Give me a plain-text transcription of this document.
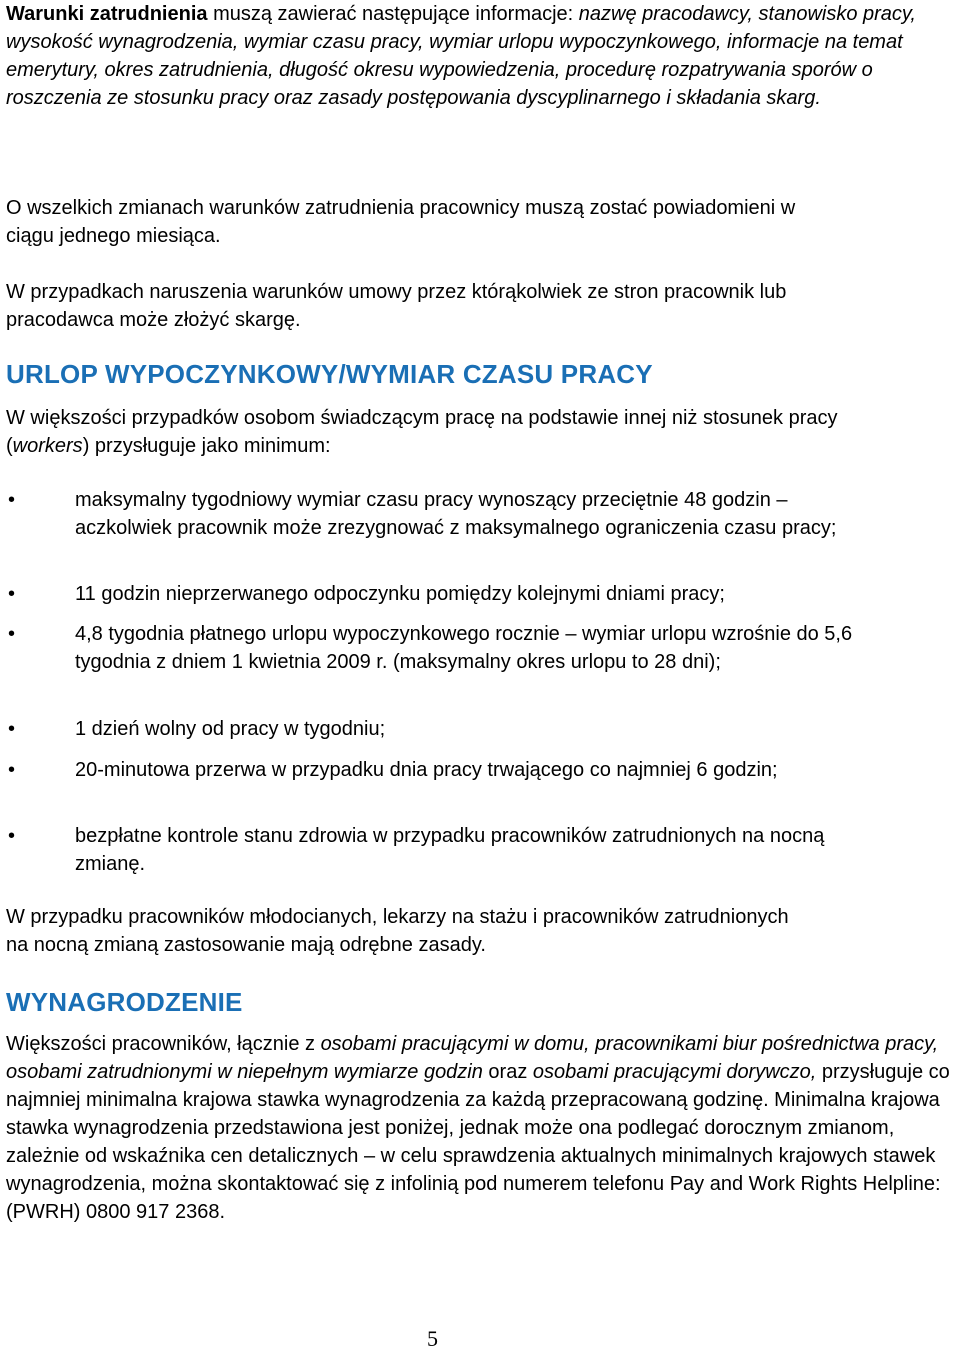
Warunki zatrudnienia muszą zawierać następujące informacje: nazwę pracodawcy, stanowisko pracy, wysokość wynagrodzenia, wymiar czasu pracy, wymiar urlopu wypoczynkowego, informacje na temat emerytury, okres zatrudnienia, długość okresu wypowiedzenia, procedurę rozpatrywania sporów o roszczenia ze stosunku pracy oraz zasady postępowania dyscyplinarnego i składania skarg.

O wszelkich zmianach warunków zatrudnienia pracownicy muszą zostać powiadomieni w ciągu jednego miesiąca.

W przypadkach naruszenia warunków umowy przez którąkolwiek ze stron pracownik lub pracodawca może złożyć skargę.

URLOP WYPOCZYNKOWY/WYMIAR CZASU PRACY

W większości przypadków osobom świadczącym pracę na podstawie innej niż stosunek pracy (workers) przysługuje jako minimum:

•	maksymalny tygodniowy wymiar czasu pracy wynoszący przeciętnie 48 godzin – aczkolwiek pracownik może zrezygnować z maksymalnego ograniczenia czasu pracy;
•	11 godzin nieprzerwanego odpoczynku pomiędzy kolejnymi dniami pracy;
•	4,8 tygodnia płatnego urlopu wypoczynkowego rocznie – wymiar urlopu wzrośnie do 5,6 tygodnia z dniem 1 kwietnia 2009 r. (maksymalny okres urlopu to 28 dni);
•	1 dzień wolny od pracy w tygodniu;
•	20-minutowa przerwa w przypadku dnia pracy trwającego co najmniej 6 godzin;
•	bezpłatne kontrole stanu zdrowia w przypadku pracowników zatrudnionych na nocną zmianę.

W przypadku pracowników młodocianych, lekarzy na stażu i pracowników zatrudnionych na nocną zmianą zastosowanie mają odrębne zasady.

WYNAGRODZENIE

Większości pracowników, łącznie z osobami pracującymi w domu, pracownikami biur pośrednictwa pracy, osobami zatrudnionymi w niepełnym wymiarze godzin oraz osobami pracującymi dorywczo, przysługuje co najmniej minimalna krajowa stawka wynagrodzenia za każdą przepracowaną godzinę. Minimalna krajowa stawka wynagrodzenia przedstawiona jest poniżej, jednak może ona podlegać dorocznym zmianom, zależnie od wskaźnika cen detalicznych – w celu sprawdzenia aktualnych minimalnych krajowych stawek wynagrodzenia, można skontaktować się z infolinią pod numerem telefonu Pay and Work Rights Helpline: (PWRH) 0800 917 2368.

5
